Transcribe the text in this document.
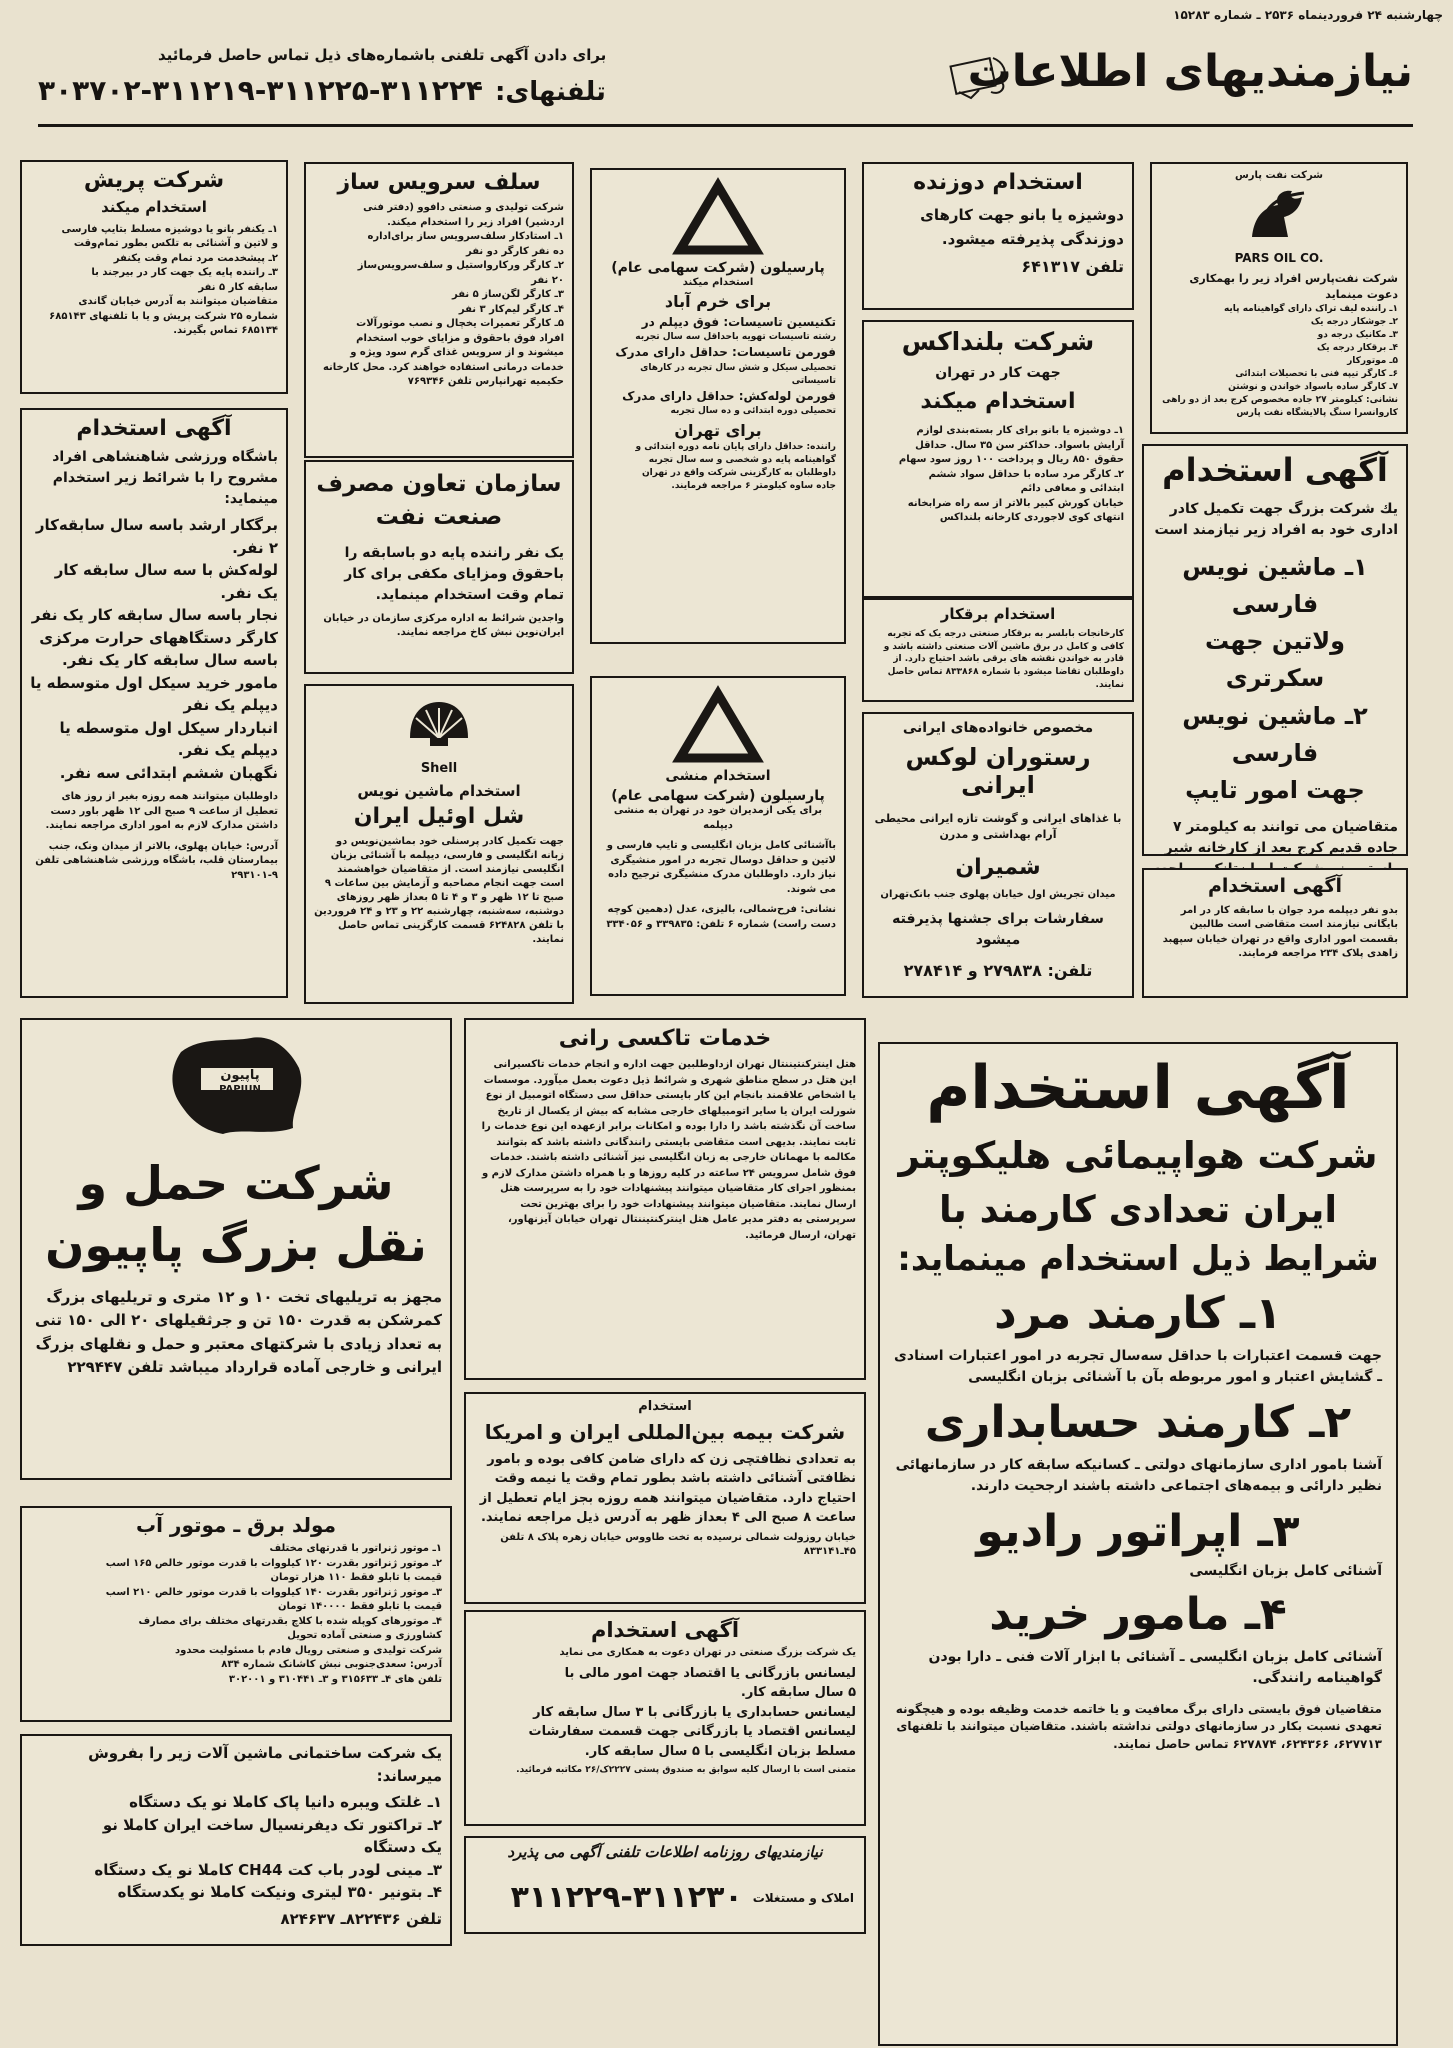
چهارشنبه ۲۴ فروردینماه ۲۵۳۶ ـ شماره ۱۵۲۸۳
نیازمندیهای اطلاعات
برای دادن آگهی تلفنی باشماره‌های ذیل تماس حاصل فرمائید
تلفنهای:
۳۰۳۷۰۲-۳۱۱۲۱۹-۳۱۱۲۲۵-۳۱۱۲۲۴
شرکت نفت پارس
PARS OIL CO.
شرکت نفت‌پارس افراد زیر را بهمکاری دعوت مینماید
۱ـ راننده لیف تراک دارای گواهینامه پایه
۲ـ جوشکار درجه یک
۳ـ مکانیک درجه دو
۴ـ برقکار درجه یک
۵ـ موتورکار
۶ـ کارگر تیپه فنی با تحصیلات ابتدائی
۷ـ کارگر ساده باسواد خواندن و نوشتن
نشانی: کیلومتر ۲۷ جاده مخصوص کرج بعد از دو راهی
کاروانسرا سنگ پالایشگاه نفت پارس
استخدام دوزنده
دوشیزه یا بانو جهت کارهای دوزندگی پذیرفته میشود.
تلفن ۶۴۱۳۱۷
شرکت بلنداکس
جهت کار در تهران
استخدام میکند
۱ـ دوشیزه یا بانو برای کار بسته‌بندی لوازم
آرایش باسواد. حداکثر سن ۳۵ سال. حداقل
حقوق ۸۵۰ ریال و پرداخت ۱۰۰ روز سود سهام
۲ـ کارگر مرد ساده با حداقل سواد ششم
ابتدائی و معافی دائم
خیابان کورش کبیر بالاتر از سه راه ضرابخانه
انتهای کوی لاجوردی کارخانه بلنداکس
استخدام برقکار
کارخانجات بابلسر به برقکار صنعتی درجه یک که تجربه کافی و کامل در برق ماشین آلات صنعتی داشته باشد و قادر به خواندن نقشه های برقی باشد احتیاج دارد. از داوطلبان تقاضا میشود با شماره ۸۳۳۸۶۸ تماس حاصل نمایند.
مخصوص خانواده‌های ایرانی
رستوران لوکس ایرانی
با غذاهای ایرانی و گوشت تازه ایرانی محیطی آرام بهداشتی و مدرن
شمیران
میدان تجریش اول خیابان پهلوی جنب بانک‌تهران
سفارشات برای جشنها پذیرفته میشود
تلفن: ۲۷۹۸۳۸ و ۲۷۸۴۱۴
پارسیلون (شرکت سهامی عام)
استخدام میکند
برای خرم آباد
تکنیسین تاسیسات: فوق دیپلم در
رشته تاسیسات تهویه باحداقل سه سال تجربه
فورمن تاسیسات: حداقل دارای مدرک
تحصیلی سیکل و شش سال تجربه در کارهای
تاسیساتی
فورمن لوله‌کش: حداقل دارای مدرک
تحصیلی دوره ابتدائی و ده سال تجربه
برای تهران
راننده: حداقل دارای پایان نامه دوره ابتدائی و
گواهینامه پایه دو شخصی و سه سال تجربه
داوطلبان به کارگزینی شرکت واقع در تهران
جاده ساوه کیلومتر ۶ مراجعه فرمایند.
استخدام منشی
پارسیلون (شرکت سهامی عام)
برای یکی ازمدیران خود در تهران به منشی دیپلمه
باآشنائی کامل بزبان انگلیسی و تایپ فارسی و لاتین و حداقل دوسال تجربه در امور منشیگری نیاز دارد. داوطلبان مدرک منشیگری ترجیح داده می شوند.
نشانی: فرح‌شمالی، بالیزی، عدل (دهمین کوچه دست راست) شماره ۶ تلفن: ۳۳۹۸۳۵ و ۳۳۴۰۵۶
سلف سرویس ساز
شرکت تولیدی و صنعتی دافوو (دفتر فنی
اردشیر) افراد زیر را استخدام میکند.
۱ـ استادکار سلف‌سرویس ساز برای‌اداره
ده نفر کارگر دو نفر
۲ـ کارگر ورکارواستیل و سلف‌سرویس‌ساز
۲۰ نفر
۳ـ کارگر لگن‌ساز ۵ نفر
۴ـ کارگر لیم‌کار ۳ نفر
۵ـ کارگر تعمیرات یخچال و نصب موتورآلات
افراد فوق باحقوق و مزایای خوب استخدام
میشوند و از سرویس غذای گرم سود ویژه و
خدمات درمانی استفاده خواهند کرد. محل کارخانه
حکیمیه تهرانپارس تلفن ۷۶۹۳۴۶
سازمان تعاون مصرف صنعت نفت
یک نفر راننده پایه دو باسابقه را باحقوق ومزایای مکفی برای کار تمام وقت استخدام مینماید.
واجدین شرائط به اداره مرکزی سازمان در خیابان ایران‌نوین نبش کاخ مراجعه نمایند.
Shell
استخدام ماشین نویس
شل اوئیل ایران
جهت تکمیل کادر پرسنلی خود بماشین‌نویس دو زبانه انگلیسی و فارسی، دیپلمه با آشنائی بزبان انگلیسی نیازمند است. از متقاضیان خواهشمند است جهت انجام مصاحبه و آزمایش بین ساعات ۹ صبح تا ۱۲ ظهر و ۳ و ۴ تا ۵ بعداز ظهر روزهای دوشنبه، سه‌شنبه، چهارشنبه ۲۲ و ۲۳ و ۲۴ فروردین با تلفن ۶۲۴۸۲۸ قسمت کارگزینی تماس حاصل نمایند.
شرکت پریش
استخدام میکند
۱ـ یکنفر بانو یا دوشیزه مسلط بتایپ فارسی
و لاتین و آشنائی به تلکس بطور تمام‌وقت
۲ـ پیشخدمت مرد تمام وقت یکنفر
۳ـ راننده پایه یک جهت کار در بیرجند با
سابقه کار ۵ نفر
متقاضیان میتوانند به آدرس خیابان گاندی
شماره ۲۵ شرکت پریش و یا با تلفنهای ۶۸۵۱۴۳
۶۸۵۱۳۴ تماس بگیرند.
آگهی استخدام
باشگاه ورزشی شاهنشاهی افراد مشروح را با شرائط زیر استخدام مینماید:
برگکار ارشد باسه سال سابقه‌کار ۲ نفر.
لوله‌کش با سه سال سابقه کار یک نفر.
نجار باسه سال سابقه کار یک نفر
کارگر دستگاههای حرارت مرکزی
باسه سال سابقه کار یک نفر.
مامور خرید سیکل اول متوسطه یا
دیپلم یک نفر
انباردار سیکل اول متوسطه یا
دیپلم یک نفر.
نگهبان ششم ابتدائی سه نفر.
داوطلبان میتوانند همه روزه بغیر از روز های تعطیل از ساعت ۹ صبح الی ۱۲ ظهر باور دست داشتن مدارک لازم به امور اداری مراجعه نمایند.
آدرس: خیابان پهلوی، بالاتر از میدان ونک، جنب بیمارستان قلب، باشگاه ورزشی شاهنشاهی تلفن ۹-۲۹۳۱۰۱
آگهی استخدام
یك شركت بزرگ جهت تكمیل كادر اداری خود به افراد زیر نیازمند است
۱ـ ماشین نویس فارسی
ولاتین جهت سکرتری
۲ـ ماشین نویس فارسی
جهت امور تایپ
متقاضیان می توانند به کیلومتر ۷ جاده قدیم کرج بعد از کارخانه شیر
آگهی استخدام
بدو نفر دیپلمه مرد جوان با سابقه کار در امر بایگانی نیازمند است متقاضی است طالبین بقسمت امور اداری واقع در تهران خیابان سپهبد زاهدی پلاک ۲۳۴ مراجعه فرمایند.
آگهی استخدام
شرکت هواپیمائی هلیکوپتر ایران تعدادی کارمند با
شرایط ذیل استخدام مینماید:
۱ـ کارمند مرد
جهت قسمت اعتبارات با حداقل سه‌سال تجربه در امور اعتبارات اسنادی ـ گشایش اعتبار و امور مربوطه بآن با آشنائی بزبان انگلیسی
۲ـ کارمند حسابداری
آشنا بامور اداری سازمانهای دولتی ـ کسانیکه سابقه کار در سازمانهائی نظیر دارائی و بیمه‌های اجتماعی داشته باشند ارجحیت دارند.
۳ـ اپراتور رادیو
آشنائی کامل بزبان انگلیسی
۴ـ مامور خرید
آشنائی کامل بزبان انگلیسی ـ آشنائی با ابزار آلات فنی ـ دارا بودن گواهینامه رانندگی.
متقاضیان فوق بایستی دارای برگ معافیت و یا خاتمه خدمت وظیفه بوده و هیچگونه تعهدی نسبت بکار در سازمانهای دولتی نداشته باشند. متقاضیان میتوانند با تلفنهای ۶۲۷۷۱۳، ۶۲۴۳۶۶، ۶۲۷۸۷۴ تماس حاصل نمایند.
خدمات تاکسی رانی
هتل اینترکنتیننتال تهران ازداوطلبین جهت اداره و انجام خدمات تاکسیرانی این هتل در سطح مناطق شهری و شرائط ذیل دعوت بعمل میآورد. موسسات یا اشخاص علاقمند بانجام این کار بایستی حداقل سی دستگاه اتومبیل از نوع شورلت ایران یا سایر اتومبیلهای خارجی مشابه که بیش از یکسال از تاریخ ساخت آن نگذشته باشد را دارا بوده و امکانات برابر ازعهده این نوع خدمات را ثابت نمایند. بدیهی است متقاضی بایستی رانندگانی داشته باشد که بتوانند مکالمه با مهمانان خارجی به زبان انگلیسی نیز آشنائی داشته باشند. خدمات فوق شامل سرویس ۲۴ ساعته در کلیه روزها و با همراه داشتن مدارک لازم و بمنظور اجرای کار متقاضیان میتوانند پیشنهادات خود را به سرپرست هتل ارسال نمایند. متقاضیان میتوانند پیشنهادات خود را برای بهترین تحت سرپرستی به دفتر مدیر عامل هتل اینترکنتیننتال تهران خیابان آیزنهاور، تهران، ارسال فرمائید.
استخدام
شرکت بیمه بین‌المللی ایران و امریکا
به تعدادی نظافتچی زن‌ که دارای ضامن کافی بوده و بامور نظافتی آشنائی داشته باشد بطور تمام وقت یا نیمه وقت احتیاج دارد. متقاضیان میتوانند همه روزه بجز ایام تعطیل از ساعت ۸ صبح الی ۴ بعداز ظهر به آدرس ذیل مراجعه نمایند.
خیابان روزولت شمالی نرسیده به تخت طاووس خیابان زهره پلاک ۸ تلفن ۴۵ـ۸۳۳۱۴۱
آگهی استخدام
یک شرکت بزرگ صنعتی در تهران دعوت به همکاری می نماید
لیسانس بازرگانی یا اقتصاد جهت امور مالی با
۵ سال سابقه کار.
لیسانس حسابداری یا بازرگانی با ۳ سال سابقه کار
لیسانس اقتصاد یا بازرگانی جهت قسمت سفارشات
مسلط بزبان انگلیسی با ۵ سال سابقه کار.
متمنی است با ارسال کلیه سوابق به صندوق پستی ۲۲۲۷ک/۲۶ مکاتبه فرمائید.
نیازمندیهای روزنامه اطلاعات تلفنی آگهی می پذیرد
املاک و مستغلات
۳۱۱۲۲۹-۳۱۱۲۳۰
پاپیون
PAPIUN
شرکت حمل و نقل بزرگ پاپیون
مجهز به تریلیهای تخت ۱۰ و ۱۲ متری و تریلیهای بزرگ کمرشکن به قدرت ۱۵۰ تن و جرثقیلهای ۲۰ الی ۱۵۰ تنی به تعداد زیادی با شرکتهای معتبر و حمل و نقلهای بزرگ ایرانی و خارجی آماده قرارداد میباشد تلفن ۲۲۹۴۴۷
مولد برق ـ موتور آب
۱ـ موتور ژنراتور با قدرتهای مختلف
۲ـ موتور ژنراتور بقدرت ۱۲۰ کیلووات با قدرت موتور خالص ۱۶۵ اسب
قیمت با تابلو فقط ۱۱۰ هزار تومان
۳ـ موتور ژنراتور بقدرت ۱۴۰ کیلووات با قدرت موتور خالص ۲۱۰ اسب
قیمت با تابلو فقط ۱۴۰۰۰۰ تومان
۴ـ موتورهای کوپله شده با کلاچ بقدرتهای مختلف برای مصارف
کشاورزی و صنعتی آماده تحویل
شرکت تولیدی و صنعتی رویال فادم با مسئولیت محدود
آدرس: سعدی‌جنوبی نبش کاشانک شماره ۸۳۴
تلفن های ۴ـ ۳۱۵۶۳۳ و ۳ـ ۳۱۰۴۴۱ و ۳۰۲۰۰۱
یک شرکت ساختمانی ماشین آلات زیر را بفروش میرساند:
۱ـ غلتک ویبره دانیا پاک کاملا نو یک دستگاه
۲ـ تراکتور تک دیفرنسیال ساخت ایران کاملا نو
یک دستگاه
۳ـ مینی لودر باب کت CH44 کاملا نو یک دستگاه
۴ـ بتونیر ۳۵۰ لیتری ونیکت کاملا نو یکدستگاه
تلفن ۸۲۲۴۳۶ـ ۸۲۴۶۳۷
